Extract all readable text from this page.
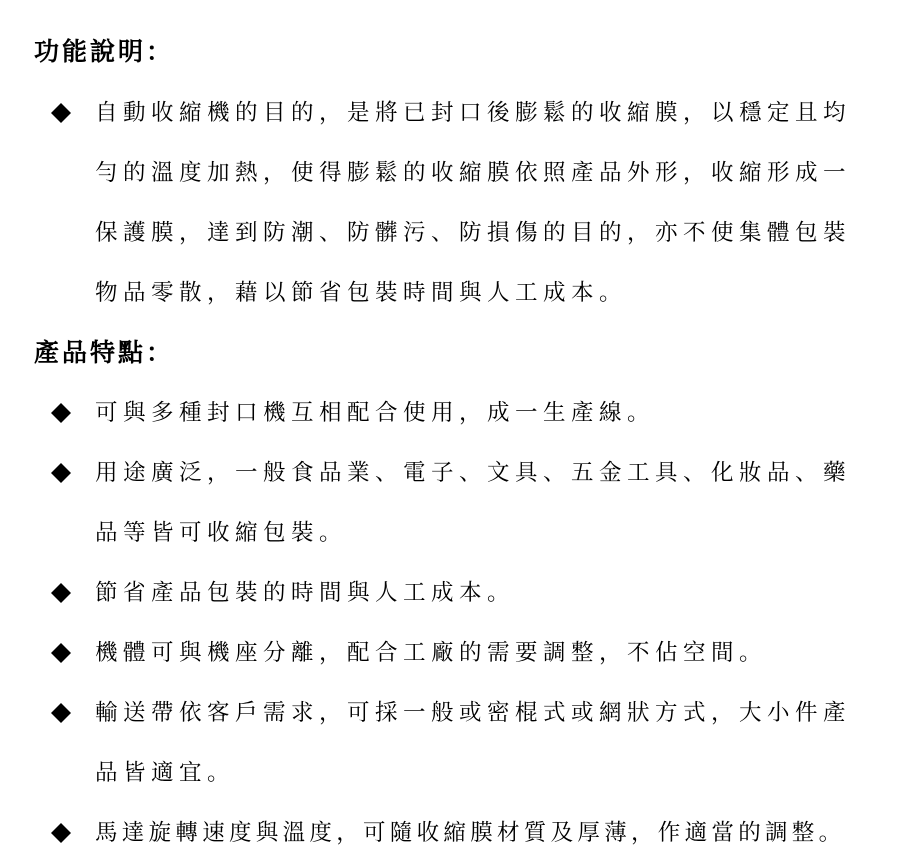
功能說明：
自動收縮機的目的，是將已封口後膨鬆的收縮膜，以穩定且均
勻的溫度加熱，使得膨鬆的收縮膜依照產品外形，收縮形成一
保護膜，達到防潮、防髒污、防損傷的目的，亦不使集體包裝
物品零散，藉以節省包裝時間與人工成本。
產品特點：
可與多種封口機互相配合使用，成一生產線。
用途廣泛，一般食品業、電子、文具、五金工具、化妝品、藥
品等皆可收縮包裝。
節省產品包裝的時間與人工成本。
機體可與機座分離，配合工廠的需要調整，不佔空間。
輸送帶依客戶需求，可採一般或密棍式或網狀方式，大小件產
品皆適宜。
馬達旋轉速度與溫度，可隨收縮膜材質及厚薄，作適當的調整。
